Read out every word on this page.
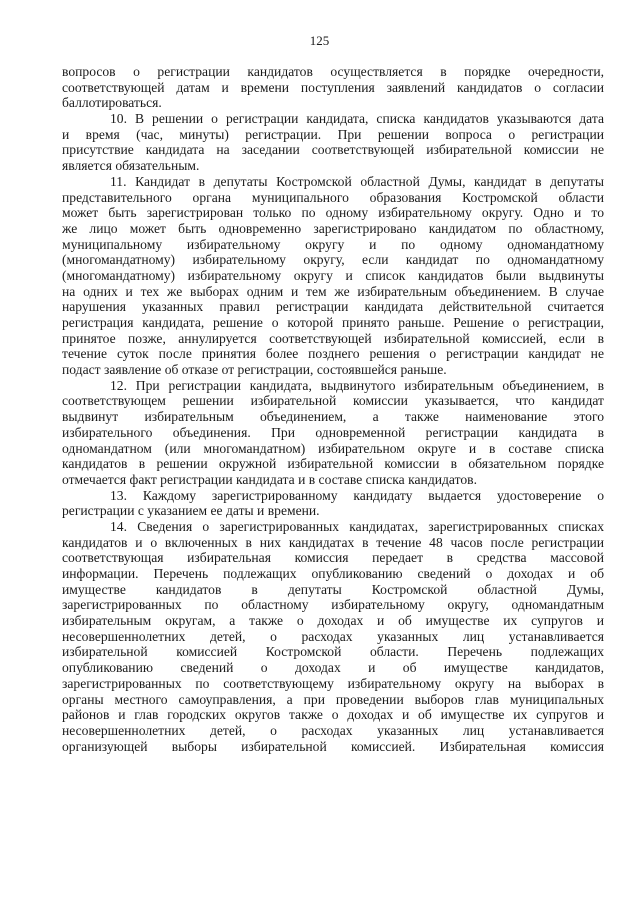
125
вопросов о регистрации кандидатов осуществляется в порядке очередности,
соответствующей датам и времени поступления заявлений кандидатов о согласии
баллотироваться.
10. В решении о регистрации кандидата, списка кандидатов указываются дата
и время (час, минуты) регистрации. При решении вопроса о регистрации
присутствие кандидата на заседании соответствующей избирательной комиссии не
является обязательным.
11. Кандидат в депутаты Костромской областной Думы, кандидат в депутаты
представительного органа муниципального образования Костромской области
может быть зарегистрирован только по одному избирательному округу. Одно и то
же лицо может быть одновременно зарегистрировано кандидатом по областному,
муниципальному избирательному округу и по одному одномандатному
(многомандатному) избирательному округу, если кандидат по одномандатному
(многомандатному) избирательному округу и список кандидатов были выдвинуты
на одних и тех же выборах одним и тем же избирательным объединением. В случае
нарушения указанных правил регистрации кандидата действительной считается
регистрация кандидата, решение о которой принято раньше. Решение о регистрации,
принятое позже, аннулируется соответствующей избирательной комиссией, если в
течение суток после принятия более позднего решения о регистрации кандидат не
подаст заявление об отказе от регистрации, состоявшейся раньше.
12. При регистрации кандидата, выдвинутого избирательным объединением, в
соответствующем решении избирательной комиссии указывается, что кандидат
выдвинут избирательным объединением, а также наименование этого
избирательного объединения. При одновременной регистрации кандидата в
одномандатном (или многомандатном) избирательном округе и в составе списка
кандидатов в решении окружной избирательной комиссии в обязательном порядке
отмечается факт регистрации кандидата и в составе списка кандидатов.
13. Каждому зарегистрированному кандидату выдается удостоверение о
регистрации с указанием ее даты и времени.
14. Сведения о зарегистрированных кандидатах, зарегистрированных списках
кандидатов и о включенных в них кандидатах в течение 48 часов после регистрации
соответствующая избирательная комиссия передает в средства массовой
информации. Перечень подлежащих опубликованию сведений о доходах и об
имуществе кандидатов в депутаты Костромской областной Думы,
зарегистрированных по областному избирательному округу, одномандатным
избирательным округам, а также о доходах и об имуществе их супругов и
несовершеннолетних детей, о расходах указанных лиц устанавливается
избирательной комиссией Костромской области. Перечень подлежащих
опубликованию сведений о доходах и об имуществе кандидатов,
зарегистрированных по соответствующему избирательному округу на выборах в
органы местного самоуправления, а при проведении выборов глав муниципальных
районов и глав городских округов также о доходах и об имуществе их супругов и
несовершеннолетних детей, о расходах указанных лиц устанавливается
организующей выборы избирательной комиссией. Избирательная комиссия
